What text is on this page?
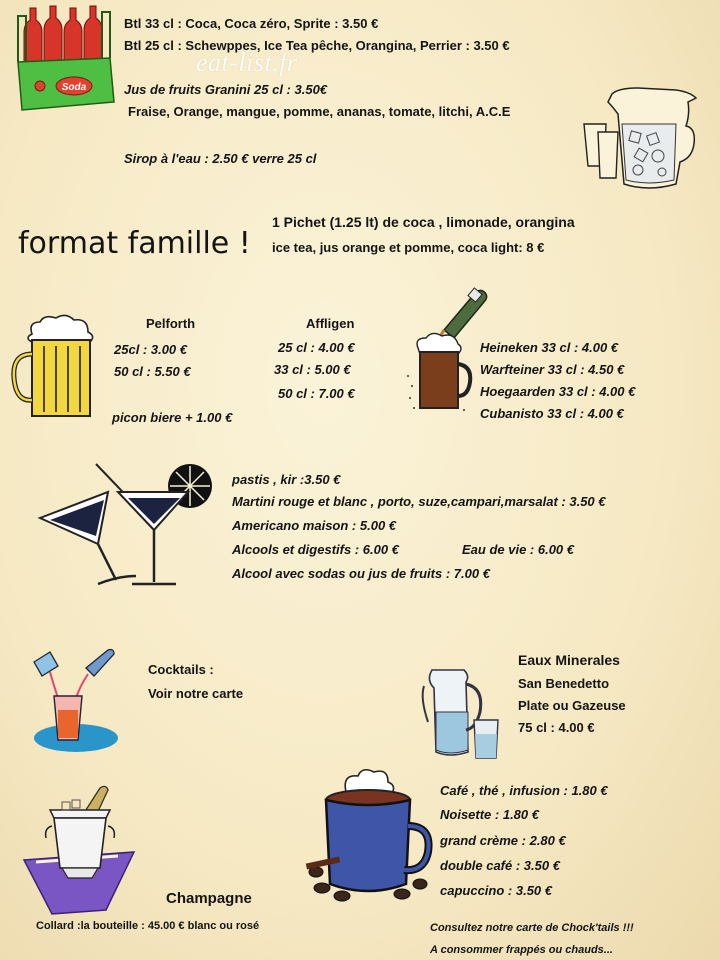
Soda
eat-list.fr
Btl 33 cl : Coca, Coca zéro, Sprite : 3.50 €
Btl 25 cl : Schewppes, Ice Tea pêche, Orangina, Perrier : 3.50 €
Jus de fruits Granini 25 cl : 3.50€
Fraise, Orange, mangue, pomme, ananas, tomate, litchi, A.C.E
Sirop à l'eau : 2.50 € verre 25 cl
format famille !
1 Pichet (1.25 lt) de coca , limonade, orangina
ice tea, jus orange et pomme, coca light: 8 €
Pelforth
25cl : 3.00 €
50 cl : 5.50 €
Affligen
25 cl : 4.00 €
33 cl : 5.00 €
50 cl : 7.00 €
picon biere + 1.00 €
Heineken 33 cl : 4.00 €
Warfteiner 33 cl : 4.50 €
Hoegaarden 33 cl : 4.00 €
Cubanisto 33 cl : 4.00 €
pastis , kir :3.50 €
Martini rouge et blanc , porto, suze,campari,marsalat : 3.50 €
Americano maison : 5.00 €
Alcools et digestifs : 6.00 €	Eau de vie : 6.00 €
Alcool avec sodas ou jus de fruits : 7.00 €
Cocktails :
Voir notre carte
Eaux Minerales
San Benedetto
Plate ou Gazeuse
75 cl : 4.00 €
Café , thé , infusion : 1.80 €
Noisette : 1.80 €
grand crème : 2.80 €
double café : 3.50 €
capuccino : 3.50 €
Champagne
Collard :la bouteille : 45.00 € blanc ou rosé	Consultez notre carte de Chock'tails !!!
A consommer frappés ou chauds...
